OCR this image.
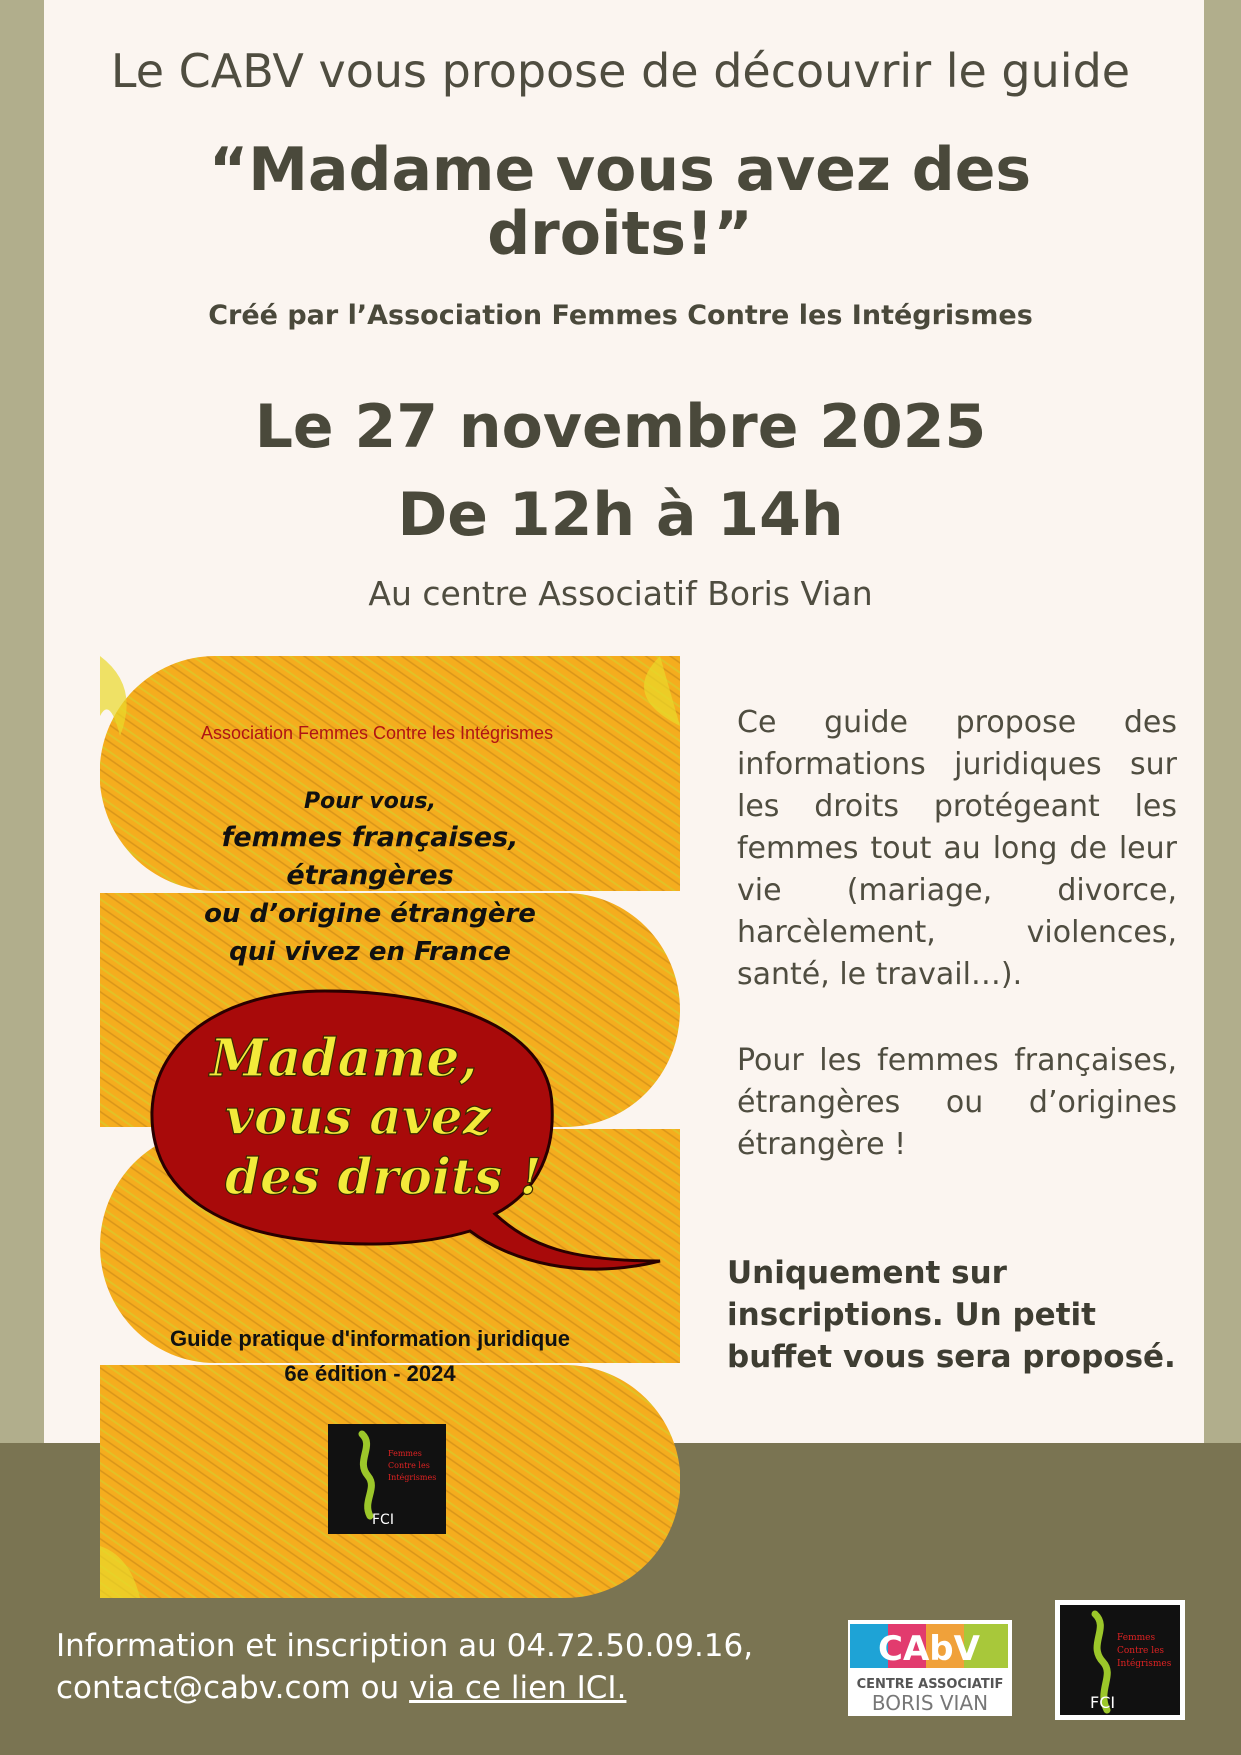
Le CABV vous propose de découvrir le guide
“Madame vous avez des
droits!”
Créé par l’Association Femmes Contre les Intégrismes
Le 27 novembre 2025
De 12h à 14h
Au centre Associatif Boris Vian
Association Femmes Contre les Intégrismes
Pour vous,
femmes françaises,
étrangères
ou d’origine étrangère
qui vivez en France
Madame,
vous avez
des droits !
Guide pratique d'information juridique
6e édition - 2024
Femmes
Contre les
Intégrismes
FCI
Ce guide propose des informations juridiques sur les droits protégeant les femmes tout au long de leur vie (mariage, divorce, harcèlement, violences, santé, le travail…).
Pour les femmes françaises, étrangères ou d’origines étrangère !
Uniquement sur inscriptions. Un petit buffet vous sera proposé.
Information et inscription au 04.72.50.09.16,
contact@cabv.com ou via ce lien ICI.
CAbV
CENTRE ASSOCIATIF
BORIS VIAN
Femmes
Contre les
Intégrismes
FCI
